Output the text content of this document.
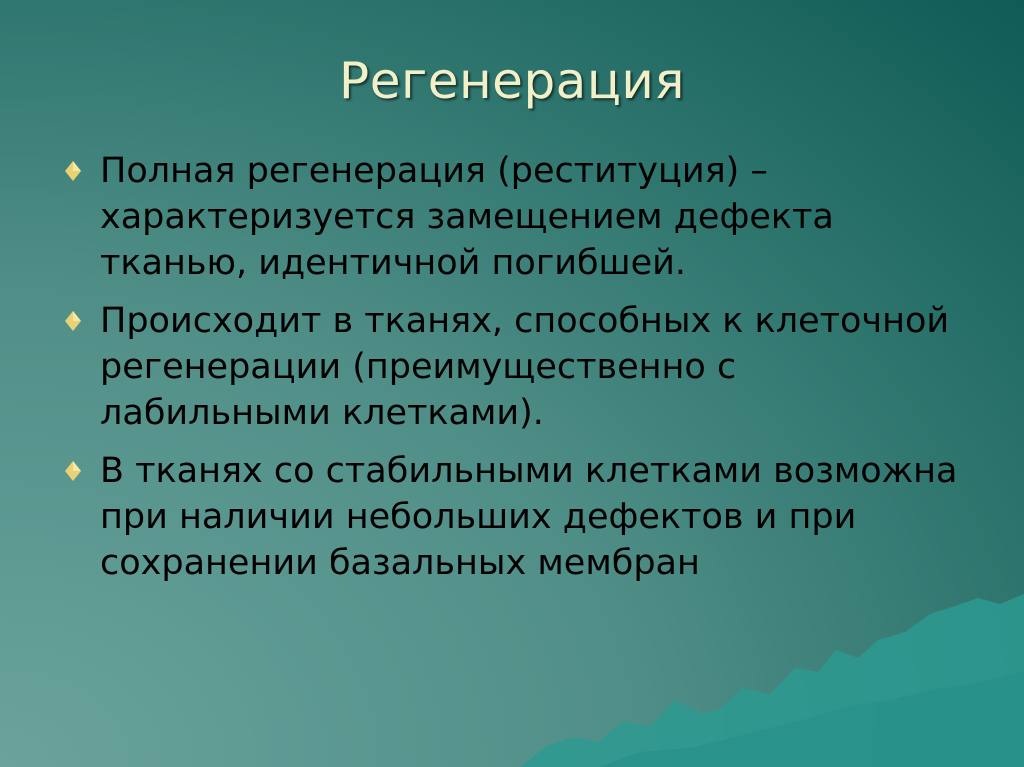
Регенерация
Полная регенерация (реституция) – характеризуется замещением дефекта тканью, идентичной погибшей.
Происходит в тканях, способных к клеточной регенерации (преимущественно с лабильными клетками).
В тканях со стабильными клетками возможна при наличии небольших дефектов и при сохранении базальных мембран
